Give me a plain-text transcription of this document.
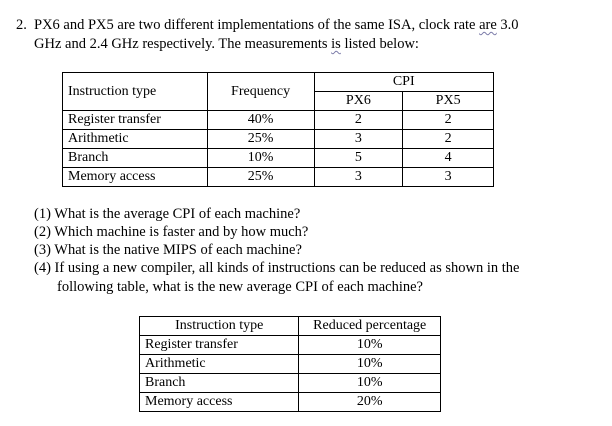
2. PX6 and PX5 are two different implementations of the same ISA, clock rate are 3.0
GHz and 2.4 GHz respectively. The measurements is listed below:
Instruction type	Frequency	CPI	
		PX6	PX5
Register transfer	40%	2	2
Arithmetic	25%	3	2
Branch	10%	5	4
Memory access	25%	3	3
(1) What is the average CPI of each machine?
(2) Which machine is faster and by how much?
(3) What is the native MIPS of each machine?
(4) If using a new compiler, all kinds of instructions can be reduced as shown in the
following table, what is the new average CPI of each machine?
Instruction type	Reduced percentage
Register transfer	10%
Arithmetic	10%
Branch	10%
Memory access	20%
